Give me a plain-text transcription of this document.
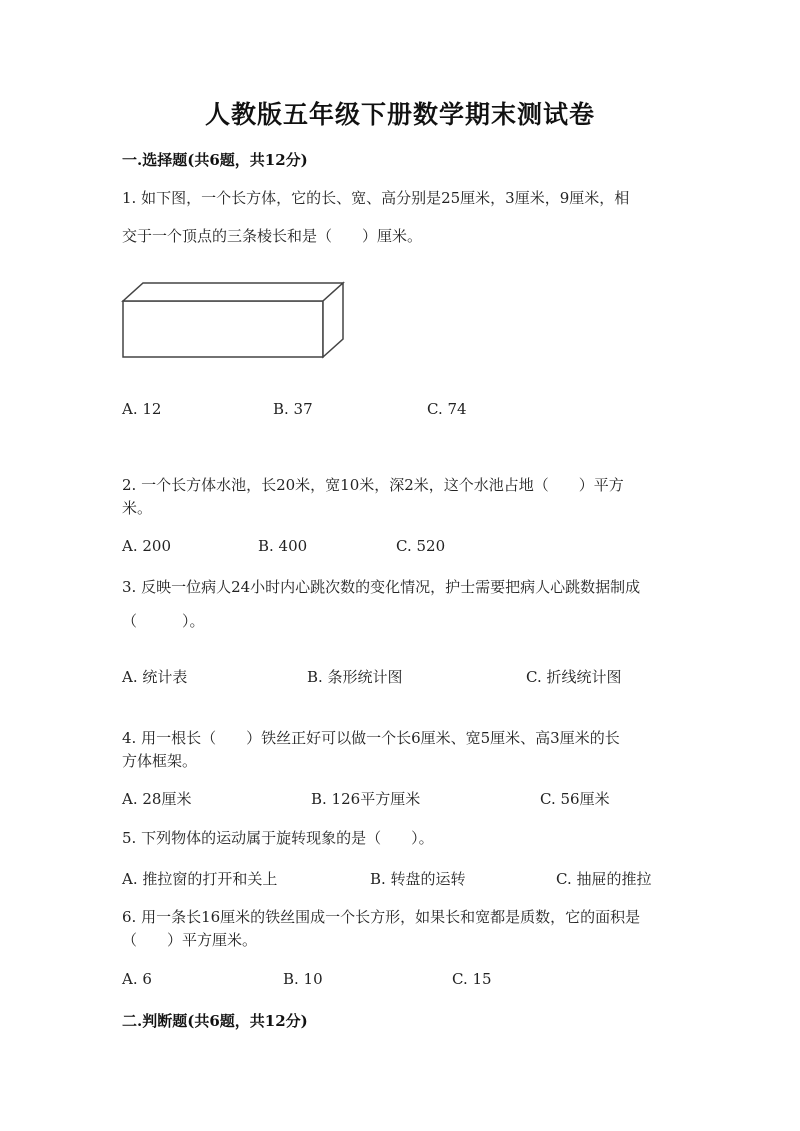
人教版五年级下册数学期末测试卷
一.选择题(共6题，共12分)
1. 如下图，一个长方体，它的长、宽、高分别是25厘米，3厘米，9厘米，相
交于一个顶点的三条棱长和是（　　）厘米。
A. 12	B. 37	C. 74
2. 一个长方体水池，长20米，宽10米，深2米，这个水池占地（　　）平方
米。
A. 200	B. 400	C. 520
3. 反映一位病人24小时内心跳次数的变化情况，护士需要把病人心跳数据制成
（　　　）。
A. 统计表	B. 条形统计图	C. 折线统计图
4. 用一根长（　　）铁丝正好可以做一个长6厘米、宽5厘米、高3厘米的长
方体框架。
A. 28厘米	B. 126平方厘米	C. 56厘米
5. 下列物体的运动属于旋转现象的是（　　）。
A. 推拉窗的打开和关上	B. 转盘的运转	C. 抽屉的推拉
6. 用一条长16厘米的铁丝围成一个长方形，如果长和宽都是质数，它的面积是
（　　）平方厘米。
A. 6	B. 10	C. 15
二.判断题(共6题，共12分)
